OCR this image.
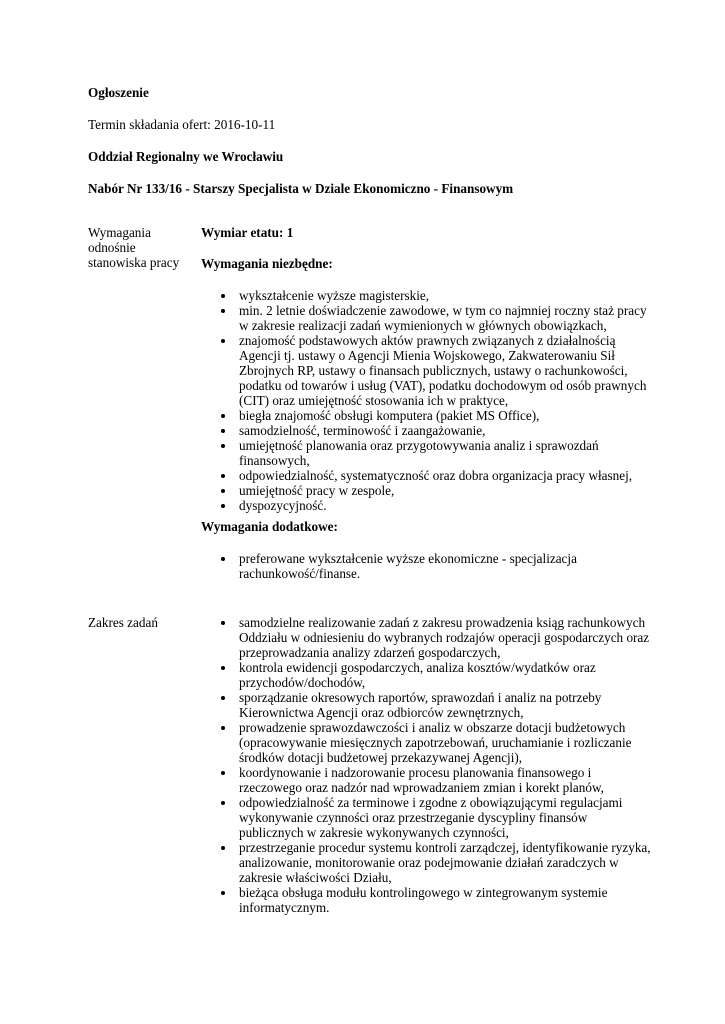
Ogłoszenie

Termin składania ofert: 2016-10-11

Oddział Regionalny we Wrocławiu

Nabór Nr 133/16 - Starszy Specjalista w Dziale Ekonomiczno - Finansowym

Wymagania
odnośnie
stanowiska pracy

Wymiar etatu: 1

Wymagania niezbędne:

wykształcenie wyższe magisterskie,
min. 2 letnie doświadczenie zawodowe, w tym co najmniej roczny staż pracy w zakresie realizacji zadań wymienionych w głównych obowiązkach,
znajomość podstawowych aktów prawnych związanych z działalnością Agencji tj. ustawy o Agencji Mienia Wojskowego, Zakwaterowaniu Sił Zbrojnych RP, ustawy o finansach publicznych, ustawy o rachunkowości, podatku od towarów i usług (VAT), podatku dochodowym od osób prawnych (CIT) oraz umiejętność stosowania ich w praktyce,
biegła znajomość obsługi komputera (pakiet MS Office),
samodzielność, terminowość i zaangażowanie,
umiejętność planowania oraz przygotowywania analiz i sprawozdań finansowych,
odpowiedzialność, systematyczność oraz dobra organizacja pracy własnej,
umiejętność pracy w zespole,
dyspozycyjność.

Wymagania dodatkowe:

preferowane wykształcenie wyższe ekonomiczne - specjalizacja rachunkowość/finanse.

Zakres zadań	samodzielne realizowanie zadań z zakresu prowadzenia ksiąg rachunkowych Oddziału w odniesieniu do wybranych rodzajów operacji gospodarczych oraz przeprowadzania analizy zdarzeń gospodarczych,
kontrola ewidencji gospodarczych, analiza kosztów/wydatków oraz przychodów/dochodów,
sporządzanie okresowych raportów, sprawozdań i analiz na potrzeby Kierownictwa Agencji oraz odbiorców zewnętrznych,
prowadzenie sprawozdawczości i analiz w obszarze dotacji budżetowych (opracowywanie miesięcznych zapotrzebowań, uruchamianie i rozliczanie środków dotacji budżetowej przekazywanej Agencji),
koordynowanie i nadzorowanie procesu planowania finansowego i rzeczowego oraz nadzór nad wprowadzaniem zmian i korekt planów,
odpowiedzialność za terminowe i zgodne z obowiązującymi regulacjami wykonywanie czynności oraz przestrzeganie dyscypliny finansów publicznych w zakresie wykonywanych czynności,
przestrzeganie procedur systemu kontroli zarządczej, identyfikowanie ryzyka, analizowanie, monitorowanie oraz podejmowanie działań zaradczych w zakresie właściwości Działu,
bieżąca obsługa modułu kontrolingowego w zintegrowanym systemie informatycznym.
